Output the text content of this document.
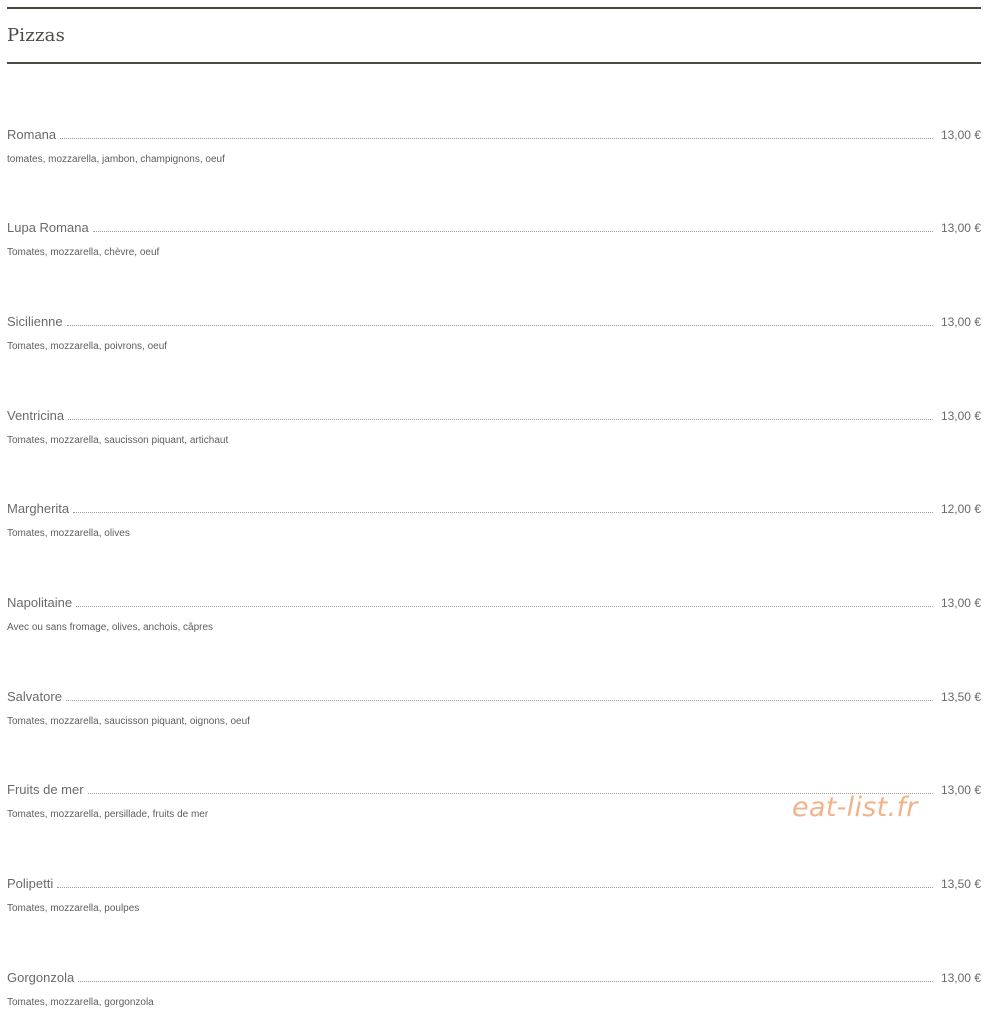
Pizzas
Romana	13,00 €
tomates, mozzarella, jambon, champignons, oeuf
Lupa Romana	13,00 €
Tomates, mozzarella, chèvre, oeuf
Sicilienne	13,00 €
Tomates, mozzarella, poivrons, oeuf
Ventricina	13,00 €
Tomates, mozzarella, saucisson piquant, artichaut
Margherita	12,00 €
Tomates, mozzarella, olives
Napolitaine	13,00 €
Avec ou sans fromage, olives, anchois, câpres
Salvatore	13,50 €
Tomates, mozzarella, saucisson piquant, oignons, oeuf
Fruits de mer	13,00 €
Tomates, mozzarella, persillade, fruits de mer
Polipetti	13,50 €
Tomates, mozzarella, poulpes
Gorgonzola	13,00 €
Tomates, mozzarella, gorgonzola
eat-list.fr
